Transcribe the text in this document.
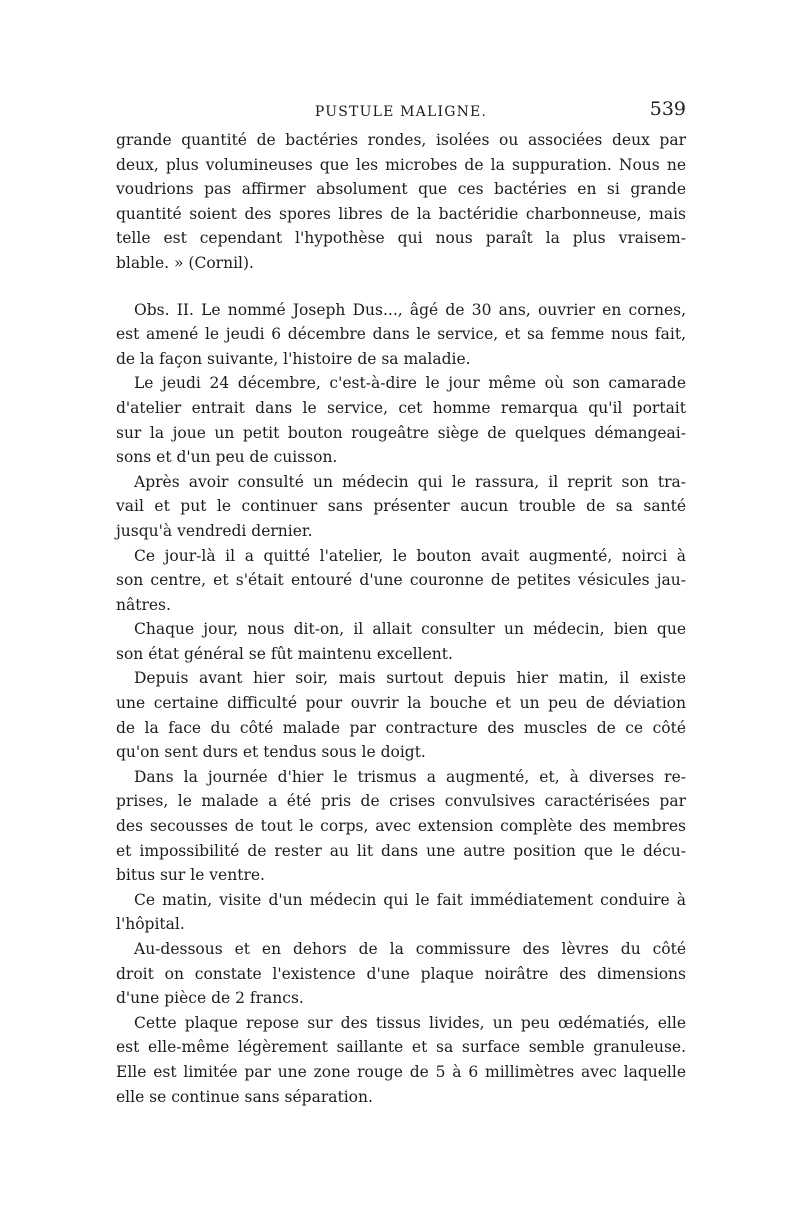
PUSTULE MALIGNE.	539
grande quantité de bactéries rondes, isolées ou associées deux par
deux, plus volumineuses que les microbes de la suppuration. Nous ne
voudrions pas affirmer absolument que ces bactéries en si grande
quantité soient des spores libres de la bactéridie charbonneuse, mais
telle est cependant l'hypothèse qui nous paraît la plus vraisem-
blable. » (Cornil).
Obs. II. Le nommé Joseph Dus..., âgé de 30 ans, ouvrier en cornes,
est amené le jeudi 6 décembre dans le service, et sa femme nous fait,
de la façon suivante, l'histoire de sa maladie.
Le jeudi 24 décembre, c'est-à-dire le jour même où son camarade
d'atelier entrait dans le service, cet homme remarqua qu'il portait
sur la joue un petit bouton rougeâtre siège de quelques démangeai-
sons et d'un peu de cuisson.
Après avoir consulté un médecin qui le rassura, il reprit son tra-
vail et put le continuer sans présenter aucun trouble de sa santé
jusqu'à vendredi dernier.
Ce jour-là il a quitté l'atelier, le bouton avait augmenté, noirci à
son centre, et s'était entouré d'une couronne de petites vésicules jau-
nâtres.
Chaque jour, nous dit-on, il allait consulter un médecin, bien que
son état général se fût maintenu excellent.
Depuis avant hier soir, mais surtout depuis hier matin, il existe
une certaine difficulté pour ouvrir la bouche et un peu de déviation
de la face du côté malade par contracture des muscles de ce côté
qu'on sent durs et tendus sous le doigt.
Dans la journée d'hier le trismus a augmenté, et, à diverses re-
prises, le malade a été pris de crises convulsives caractérisées par
des secousses de tout le corps, avec extension complète des membres
et impossibilité de rester au lit dans une autre position que le décu-
bitus sur le ventre.
Ce matin, visite d'un médecin qui le fait immédiatement conduire à
l'hôpital.
Au-dessous et en dehors de la commissure des lèvres du côté
droit on constate l'existence d'une plaque noirâtre des dimensions
d'une pièce de 2 francs.
Cette plaque repose sur des tissus livides, un peu œdématiés, elle
est elle-même légèrement saillante et sa surface semble granuleuse.
Elle est limitée par une zone rouge de 5 à 6 millimètres avec laquelle
elle se continue sans séparation.
